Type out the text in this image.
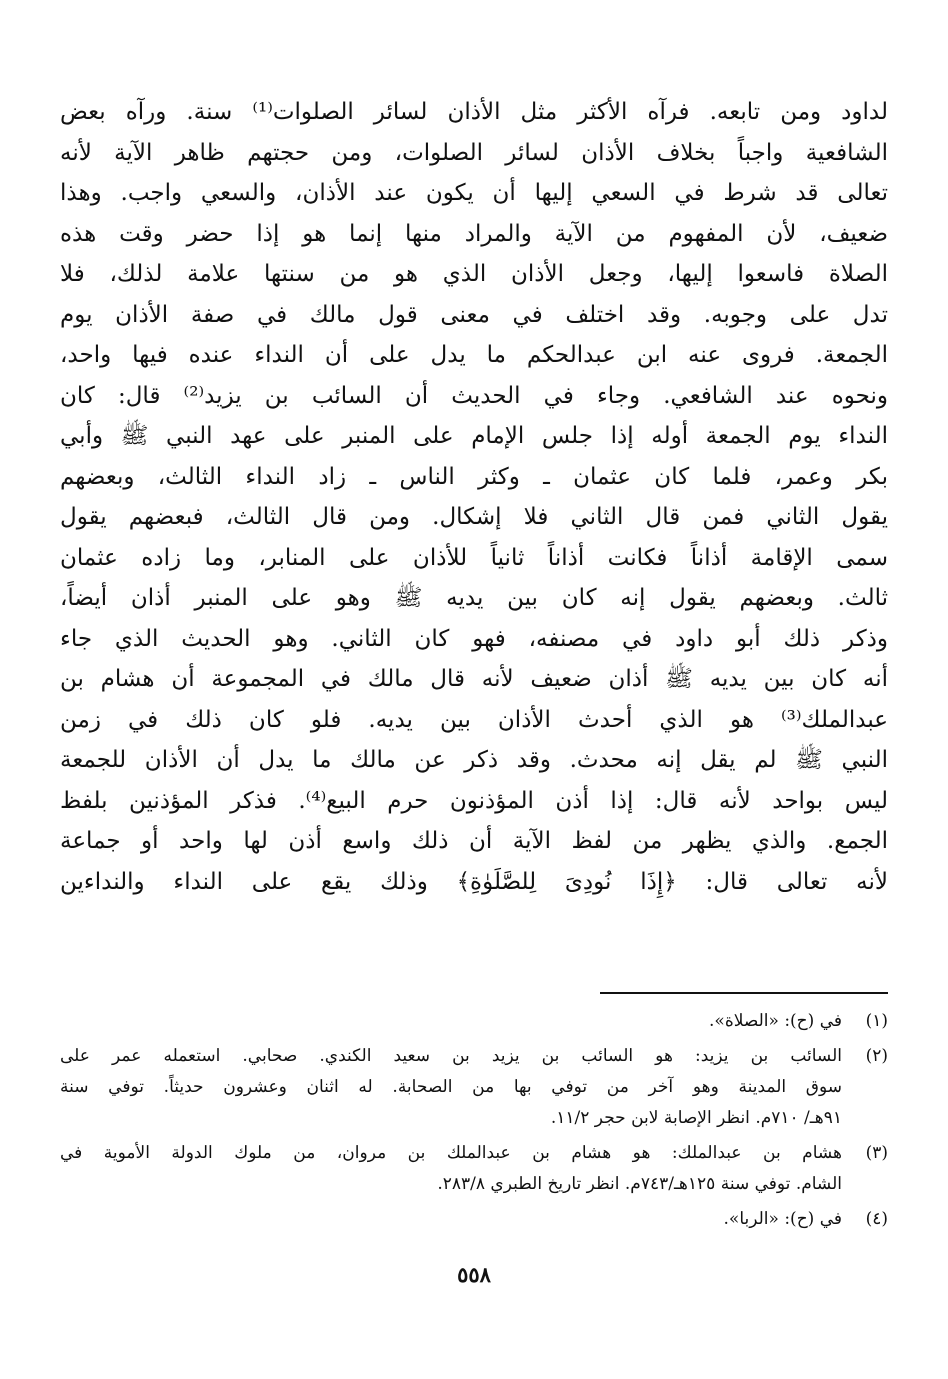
لداود ومن تابعه. فرآه الأكثر مثل الأذان لسائر الصلوات⁽¹⁾ سنة. ورآه بعض
الشافعية واجباً بخلاف الأذان لسائر الصلوات، ومن حجتهم ظاهر الآية لأنه
تعالى قد شرط في السعي إليها أن يكون عند الأذان، والسعي واجب. وهذا
ضعيف، لأن المفهوم من الآية والمراد منها إنما هو إذا حضر وقت هذه
الصلاة فاسعوا إليها، وجعل الأذان الذي هو من سنتها علامة لذلك، فلا
تدل على وجوبه. وقد اختلف في معنى قول مالك في صفة الأذان يوم
الجمعة. فروى عنه ابن عبدالحكم ما يدل على أن النداء عنده فيها واحد،
ونحوه عند الشافعي. وجاء في الحديث أن السائب بن يزيد⁽²⁾ قال: كان
النداء يوم الجمعة أوله إذا جلس الإمام على المنبر على عهد النبي ﷺ وأبي
بكر وعمر، فلما كان عثمان ـ وكثر الناس ـ زاد النداء الثالث، وبعضهم
يقول الثاني فمن قال الثاني فلا إشكال. ومن قال الثالث، فبعضهم يقول
سمى الإقامة أذاناً فكانت أذاناً ثانياً للأذان على المنابر، وما زاده عثمان
ثالث. وبعضهم يقول إنه كان بين يديه ﷺ وهو على المنبر أذان أيضاً،
وذكر ذلك أبو داود في مصنفه، فهو كان الثاني. وهو الحديث الذي جاء
أنه كان بين يديه ﷺ أذان ضعيف لأنه قال مالك في المجموعة أن هشام بن
عبدالملك⁽³⁾ هو الذي أحدث الأذان بين يديه. فلو كان ذلك في زمن
النبي ﷺ لم يقل إنه محدث. وقد ذكر عن مالك ما يدل أن الأذان للجمعة
ليس بواحد لأنه قال: إذا أذن المؤذنون حرم البيع⁽⁴⁾. فذكر المؤذنين بلفظ
الجمع. والذي يظهر من لفظ الآية أن ذلك واسع أذن لها واحد أو جماعة
لأنه تعالى قال: ﴿إِذَا نُودِىَ لِلصَّلَوٰةِ﴾ وذلك يقع على النداء والنداءين
(١)
في (ح): «الصلاة».
(٢)
السائب بن يزيد: هو السائب بن يزيد بن سعيد الكندي. صحابي. استعمله عمر على
سوق المدينة وهو آخر من توفي بها من الصحابة. له اثنان وعشرون حديثاً. توفي سنة
٩١هـ/ ٧١٠م. انظر الإصابة لابن حجر ١١/٢.
(٣)
هشام بن عبدالملك: هو هشام بن عبدالملك بن مروان، من ملوك الدولة الأموية في
الشام. توفي سنة ١٢٥هـ/٧٤٣م. انظر تاريخ الطبري ٢٨٣/٨.
(٤)
في (ح): «الربا».
٥٥٨
